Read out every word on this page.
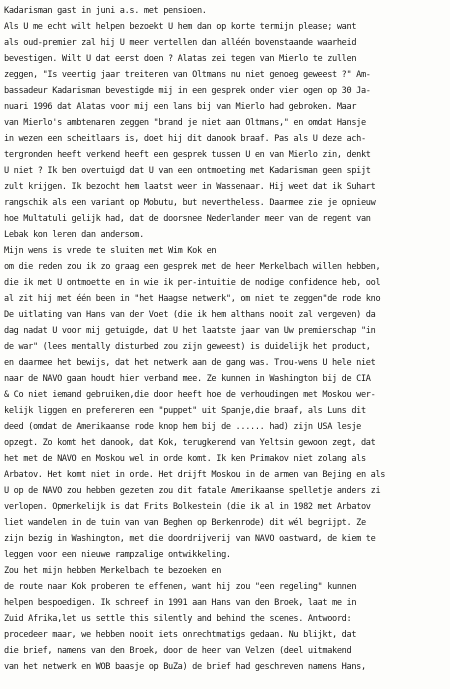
Kadarisman gast in juni a.s. met pensioen.
Als U me echt wilt helpen bezoekt U hem dan op korte termijn please; want
als oud-premier zal hij U meer vertellen dan alléén bovenstaande waarheid
bevestigen. Wilt U dat eerst doen ? Alatas zei tegen van Mierlo te zullen
zeggen, "Is veertig jaar treiteren van Oltmans nu niet genoeg geweest ?" Am-
bassadeur Kadarisman bevestigde mij in een gesprek onder vier ogen op 30 Ja-
nuari 1996 dat Alatas voor mij een lans bij van Mierlo had gebroken. Maar
van Mierlo's ambtenaren zeggen "brand je niet aan Oltmans," en omdat Hansje
in wezen een scheitlaars is, doet hij dit danook braaf. Pas als U deze ach-
tergronden heeft verkend heeft een gesprek tussen U en van Mierlo zin, denkt
U niet ? Ik ben overtuigd dat U van een ontmoeting met Kadarisman geen spijt
zult krijgen. Ik bezocht hem laatst weer in Wassenaar. Hij weet dat ik Suhart
rangschik als een variant op Mobutu, but nevertheless. Daarmee zie je opnieuw
hoe Multatuli gelijk had, dat de doorsnee Nederlander meer van de regent van
Lebak kon leren dan andersom.
Mijn wens is vrede te sluiten met Wim Kok en
om die reden zou ik zo graag een gesprek met de heer Merkelbach willen hebben,
die ik met U ontmoette en in wie ik per-intuitie de nodige confidence heb, ool
al zit hij met één been in "het Haagse netwerk", om niet te zeggen"de rode kno
De uitlating van Hans van der Voet (die ik hem althans nooit zal vergeven) da
dag nadat U voor mij getuigde, dat U het laatste jaar van Uw premierschap "in
de war" (lees mentally disturbed zou zijn geweest) is duidelijk het product,
en daarmee het bewijs, dat het netwerk aan de gang was. Trou-wens U hele niet
naar de NAVO gaan houdt hier verband mee. Ze kunnen in Washington bij de CIA
& Co niet iemand gebruiken,die door heeft hoe de verhoudingen met Moskou wer-
kelijk liggen en prefereren een "puppet" uit Spanje,die braaf, als Luns dit
deed (omdat de Amerikaanse rode knop hem bij de ...... had) zijn USA lesje
opzegt. Zo komt het danook, dat Kok, terugkerend van Yeltsin gewoon zegt, dat
het met de NAVO en Moskou wel in orde komt. Ik ken Primakov niet zolang als
Arbatov. Het komt niet in orde. Het drijft Moskou in de armen van Bejing en als
U op de NAVO zou hebben gezeten zou dit fatale Amerikaanse spelletje anders zi
verlopen. Opmerkelijk is dat Frits Bolkestein (die ik al in 1982 met Arbatov
liet wandelen in de tuin van van Beghen op Berkenrode) dit wél begrijpt. Ze
zijn bezig in Washington, met die doordrijverij van NAVO oastward, de kiem te
leggen voor een nieuwe rampzalige ontwikkeling.
Zou het mijn hebben Merkelbach te bezoeken en
de route naar Kok proberen te effenen, want hij zou "een regeling" kunnen
helpen bespoedigen. Ik schreef in 1991 aan Hans van den Broek, laat me in
Zuid Afrika,let us settle this silently and behind the scenes. Antwoord:
procedeer maar, we hebben nooit iets onrechtmatigs gedaan. Nu blijkt, dat
die brief, namens van den Broek, door de heer van Velzen (deel uitmakend
van het netwerk en WOB baasje op BuZa) de brief had geschreven namens Hans,
